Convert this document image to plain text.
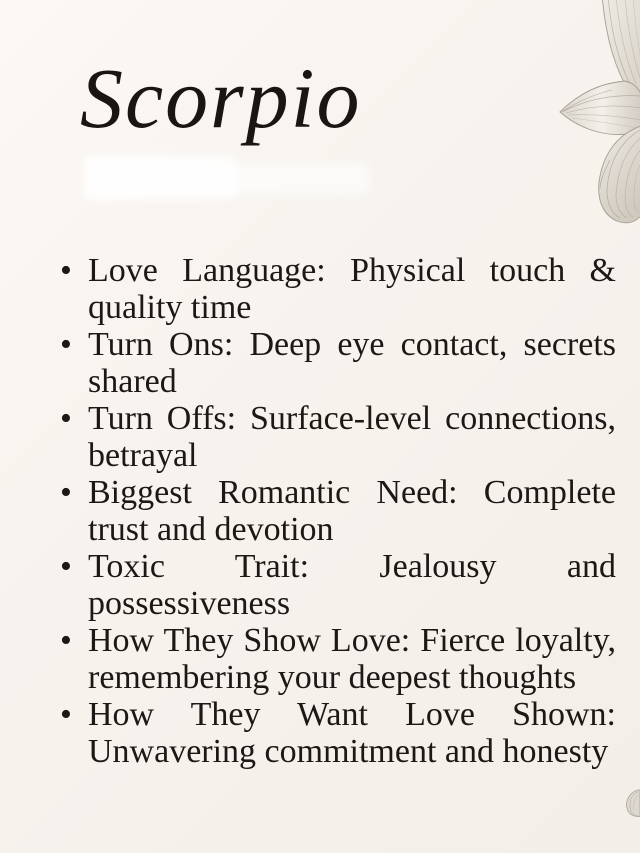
Scorpio
• Love Language: Physical touch & quality time
• Turn Ons: Deep eye contact, secrets shared
• Turn Offs: Surface-level connections, betrayal
• Biggest Romantic Need: Complete trust and devotion
• Toxic Trait: Jealousy and possessiveness
• How They Show Love: Fierce loyalty, remembering your deepest thoughts
• How They Want Love Shown: Unwavering commitment and honesty
